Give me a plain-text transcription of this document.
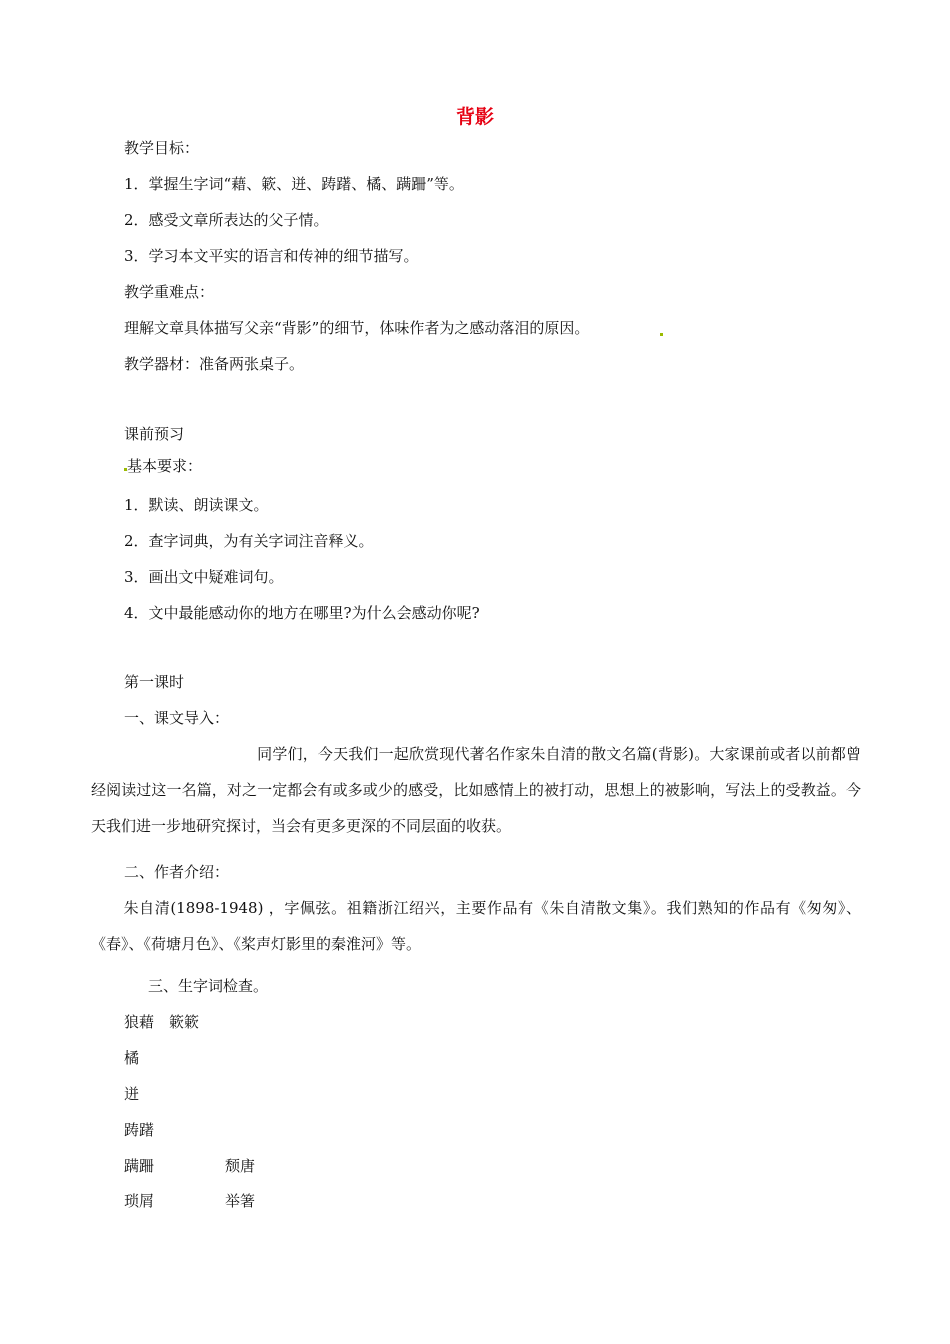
背影
教学目标：
1．掌握生字词“藉、簌、迸、踌躇、橘、蹒跚”等。
2．感受文章所表达的父子情。
3．学习本文平实的语言和传神的细节描写。
教学重难点：
理解文章具体描写父亲“背影”的细节，体味作者为之感动落泪的原因。
教学器材：准备两张桌子。
课前预习
基本要求：
1．默读、朗读课文。
2．查字词典，为有关字词注音释义。
3．画出文中疑难词句。
4．文中最能感动你的地方在哪里?为什么会感动你呢?
第一课时
一、课文导入：
同学们，今天我们一起欣赏现代著名作家朱自清的散文名篇(背影)。大家课前或者以前都曾经阅读过这一名篇，对之一定都会有或多或少的感受，比如感情上的被打动，思想上的被影响，写法上的受教益。今天我们进一步地研究探讨，当会有更多更深的不同层面的收获。
二、作者介绍：
朱自清(1898-1948) ，字佩弦。祖籍浙江绍兴，主要作品有《朱自清散文集》。我们熟知的作品有《匆匆》、《春》、《荷塘月色》、《桨声灯影里的秦淮河》等。
三、生字词检查。
狼藉　簌簌
橘
迸
踌躇
蹒跚	颓唐
琐屑	举箸
